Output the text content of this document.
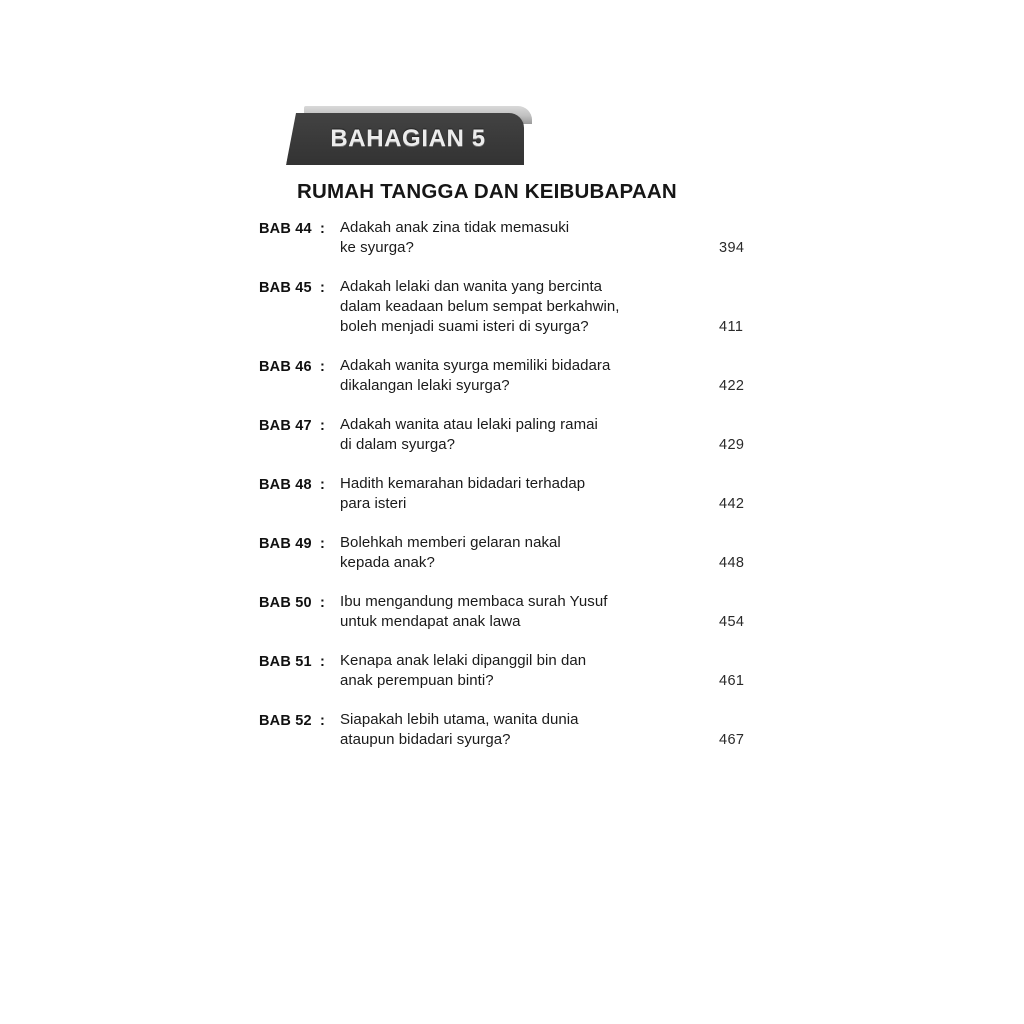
BAHAGIAN 5
RUMAH TANGGA DAN KEIBUBAPAAN
BAB 44 :	Adakah anak zina tidak memasuki
ke syurga?	394
BAB 45 :	Adakah lelaki dan wanita yang bercinta
dalam keadaan belum sempat berkahwin,
boleh menjadi suami isteri di syurga?	411
BAB 46 :	Adakah wanita syurga memiliki bidadara
dikalangan lelaki syurga?	422
BAB 47 :	Adakah wanita atau lelaki paling ramai
di dalam syurga?	429
BAB 48 :	Hadith kemarahan bidadari terhadap
para isteri	442
BAB 49 :	Bolehkah memberi gelaran nakal
kepada anak?	448
BAB 50 :	Ibu mengandung membaca surah Yusuf
untuk mendapat anak lawa	454
BAB 51 :	Kenapa anak lelaki dipanggil bin dan
anak perempuan binti?	461
BAB 52 :	Siapakah lebih utama, wanita dunia
ataupun bidadari syurga?	467
